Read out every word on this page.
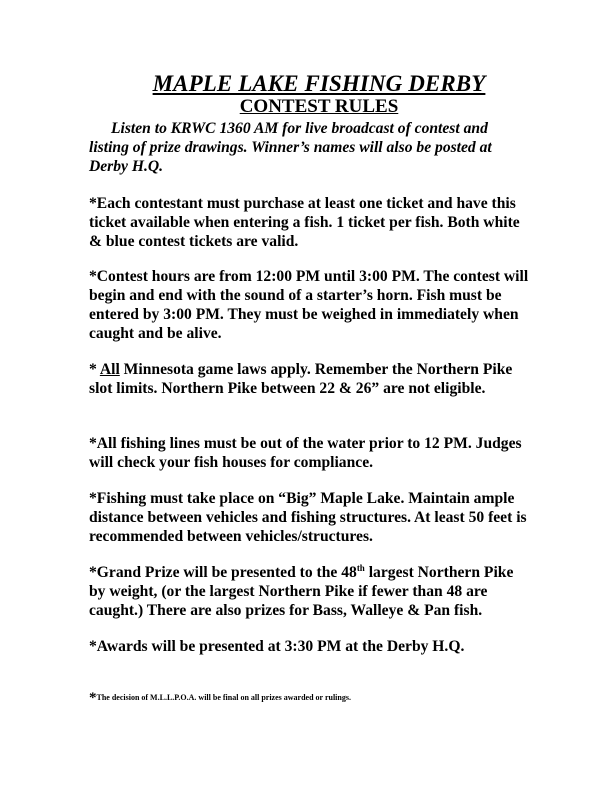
MAPLE LAKE FISHING DERBY
CONTEST RULES
Listen to KRWC 1360 AM for live broadcast of contest and listing of prize drawings. Winner’s names will also be posted at Derby H.Q.
*Each contestant must purchase at least one ticket and have this ticket available when entering a fish. 1 ticket per fish. Both white & blue contest tickets are valid.
*Contest hours are from 12:00 PM until 3:00 PM. The contest will begin and end with the sound of a starter’s horn. Fish must be entered by 3:00 PM. They must be weighed in immediately when caught and be alive.
* All Minnesota game laws apply. Remember the Northern Pike slot limits. Northern Pike between 22 & 26” are not eligible.
*All fishing lines must be out of the water prior to 12 PM. Judges will check your fish houses for compliance.
*Fishing must take place on “Big” Maple Lake. Maintain ample distance between vehicles and fishing structures. At least 50 feet is recommended between vehicles/structures.
*Grand Prize will be presented to the 48th largest Northern Pike by weight, (or the largest Northern Pike if fewer than 48 are caught.) There are also prizes for Bass, Walleye & Pan fish.
*Awards will be presented at 3:30 PM at the Derby H.Q.
*The decision of M.L.L.P.O.A. will be final on all prizes awarded or rulings.
